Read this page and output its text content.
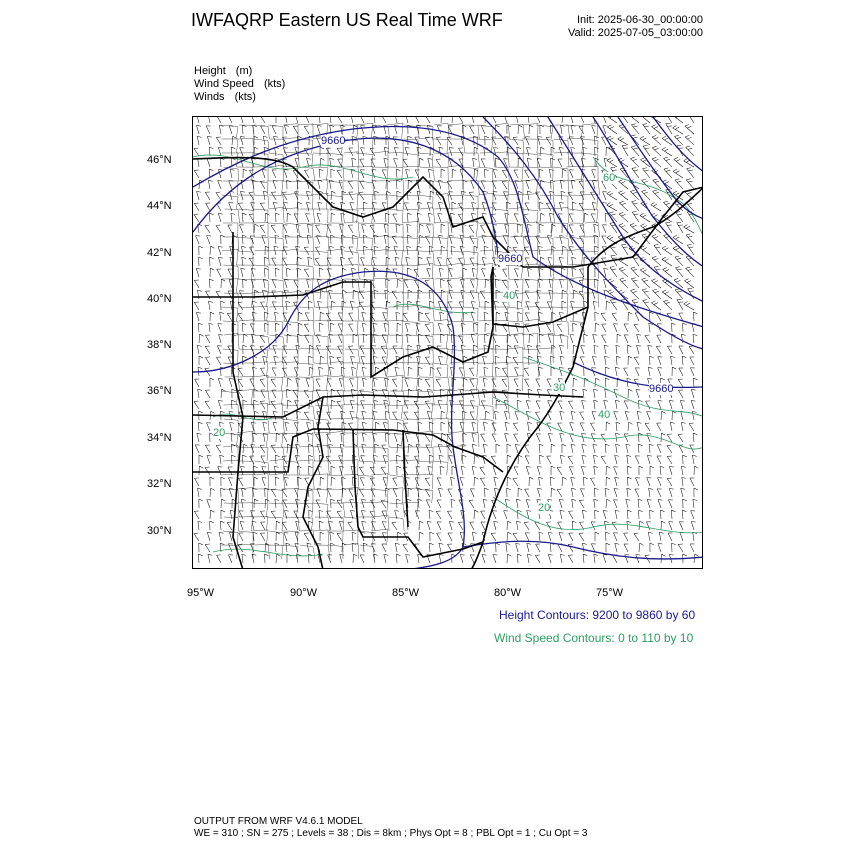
IWFAQRP Eastern US Real Time WRF	Init: 2025-06-30_00:00:00
Valid: 2025-07-05_03:00:00
Height (m)
Wind Speed (kts)
Winds (kts)
46°N
44°N
42°N
40°N
38°N
36°N
34°N
32°N
30°N
95°W	90°W	85°W	80°W	75°W
9660
9660
9660
60
40
40
30
20
20
Height Contours: 9200 to 9860 by 60
Wind Speed Contours: 0 to 110 by 10
OUTPUT FROM WRF V4.6.1 MODEL
WE = 310 ; SN = 275 ; Levels = 38 ; Dis = 8km ; Phys Opt = 8 ; PBL Opt = 1 ; Cu Opt = 3
